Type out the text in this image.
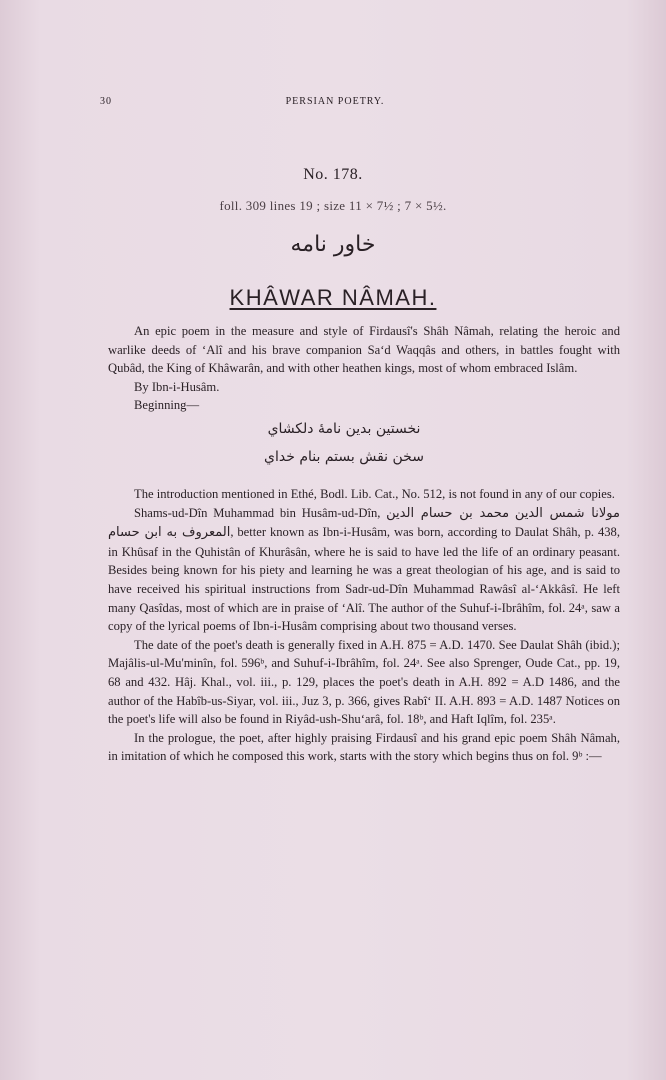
30	PERSIAN POETRY.
No. 178.
foll. 309 lines 19 ; size 11 × 7½ ; 7 × 5½.
خاور نامه
KHÂWAR NÂMAH.

An epic poem in the measure and style of Firdausî's Shâh Nâmah, relating the heroic and warlike deeds of ‘Alî and his brave companion Sa‘d Waqqâs and others, in battles fought with Qubâd, the King of Khâwarân, and with other heathen kings, most of whom embraced Islâm.

By Ibn-i-Husâm.

Beginning—

نخستين بدين نامهٔ دلکشاي
سخن نقش بستم بنام خداي

The introduction mentioned in Ethé, Bodl. Lib. Cat., No. 512, is not found in any of our copies.

Shams-ud-Dîn Muhammad bin Husâm-ud-Dîn,	مولانا شمس الدين محمد بن حسام الدين المعروف به ابن حسام, better known as Ibn-i-Husâm, was born, according to Daulat Shâh, p. 438, in Khûsaf in the Quhistân of Khurâsân, where he is said to have led the life of an ordinary peasant. Besides being known for his piety and learning he was a great theologian of his age, and is said to have received his spiritual instructions from Sadr-ud-Dîn Muhammad Rawâsî al-‘Akkâsî. He left many Qasîdas, most of which are in praise of ‘Alî. The author of the Suhuf-i-Ibrâhîm, fol. 24ᵃ, saw a copy of the lyrical poems of Ibn-i-Husâm comprising about two thousand verses.

The date of the poet's death is generally fixed in A.H. 875 = A.D. 1470. See Daulat Shâh (ibid.); Majâlis-ul-Mu'minîn, fol. 596ᵇ, and Suhuf-i-Ibrâhîm, fol. 24ᵃ. See also Sprenger, Oude Cat., pp. 19, 68 and 432. Hâj. Khal., vol. iii., p. 129, places the poet's death in A.H. 892 = A.D 1486, and the author of the Habîb-us-Siyar, vol. iii., Juz 3, p. 366, gives Rabî‘ II. A.H. 893 = A.D. 1487 Notices on the poet's life will also be found in Riyâd-ush-Shu‘arâ, fol. 18ᵇ, and Haft Iqlîm, fol. 235ᵃ.

In the prologue, the poet, after highly praising Firdausî and his grand epic poem Shâh Nâmah, in imitation of which he composed this work, starts with the story which begins thus on fol. 9ᵇ :—
